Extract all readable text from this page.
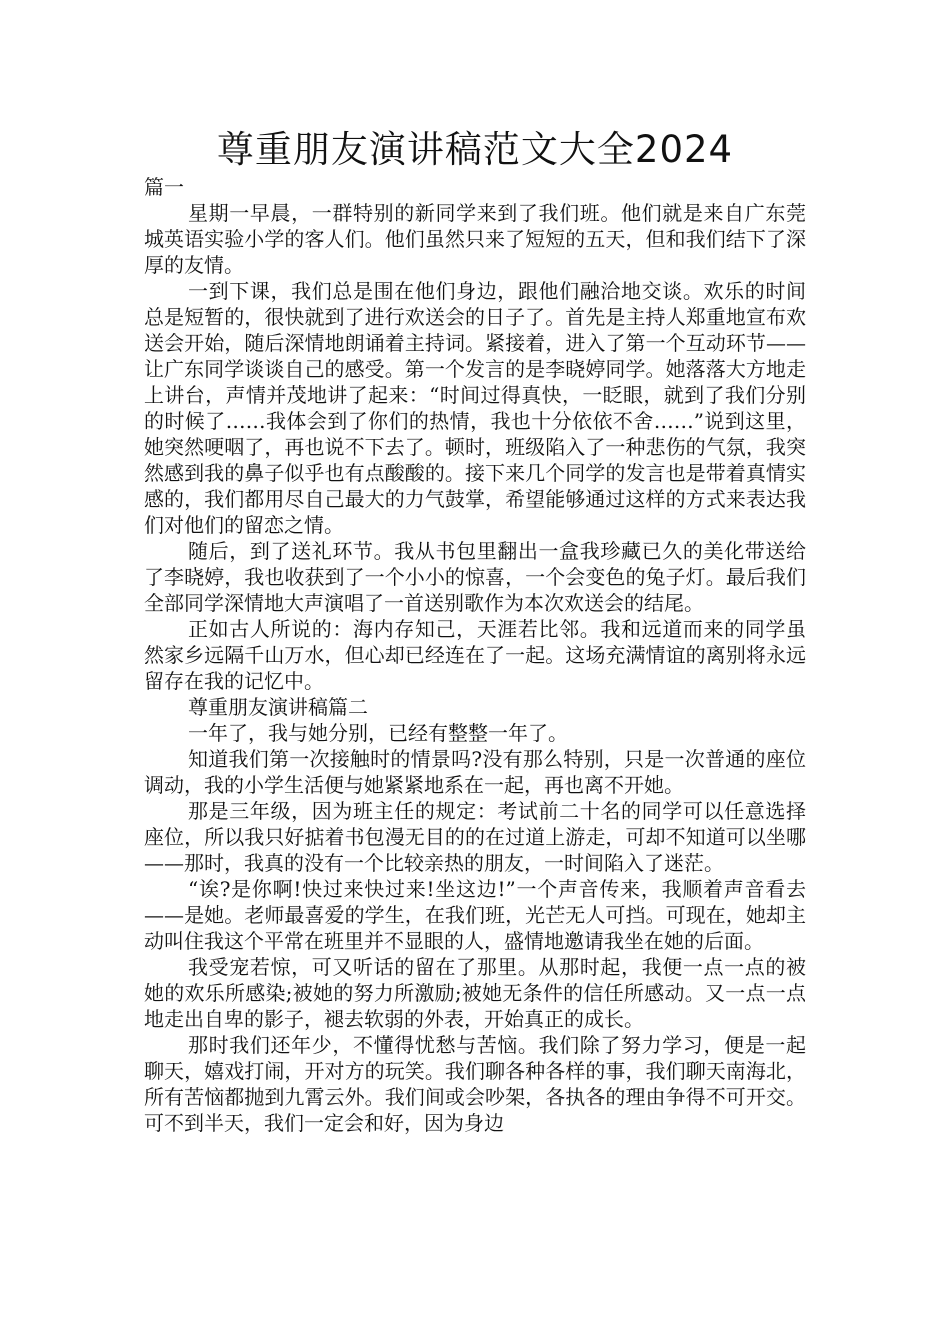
尊重朋友演讲稿范文大全2024

篇一

星期一早晨，一群特别的新同学来到了我们班。他们就是来自广东莞城英语实验小学的客人们。他们虽然只来了短短的五天，但和我们结下了深厚的友情。

一到下课，我们总是围在他们身边，跟他们融洽地交谈。欢乐的时间总是短暂的，很快就到了进行欢送会的日子了。首先是主持人郑重地宣布欢送会开始，随后深情地朗诵着主持词。紧接着，进入了第一个互动环节——让广东同学谈谈自己的感受。第一个发言的是李晓婷同学。她落落大方地走上讲台，声情并茂地讲了起来：“时间过得真快，一眨眼，就到了我们分别的时候了……我体会到了你们的热情，我也十分依依不舍……”说到这里，她突然哽咽了，再也说不下去了。顿时，班级陷入了一种悲伤的气氛，我突然感到我的鼻子似乎也有点酸酸的。接下来几个同学的发言也是带着真情实感的，我们都用尽自己最大的力气鼓掌，希望能够通过这样的方式来表达我们对他们的留恋之情。

随后，到了送礼环节。我从书包里翻出一盒我珍藏已久的美化带送给了李晓婷，我也收获到了一个小小的惊喜，一个会变色的兔子灯。最后我们全部同学深情地大声演唱了一首送别歌作为本次欢送会的结尾。

正如古人所说的：海内存知己，天涯若比邻。我和远道而来的同学虽然家乡远隔千山万水，但心却已经连在了一起。这场充满情谊的离别将永远留存在我的记忆中。

尊重朋友演讲稿篇二

一年了，我与她分别，已经有整整一年了。

知道我们第一次接触时的情景吗?没有那么特别，只是一次普通的座位调动，我的小学生活便与她紧紧地系在一起，再也离不开她。

那是三年级，因为班主任的规定：考试前二十名的同学可以任意选择座位，所以我只好掂着书包漫无目的的在过道上游走，可却不知道可以坐哪——那时，我真的没有一个比较亲热的朋友，一时间陷入了迷茫。

“诶?是你啊!快过来快过来!坐这边!”一个声音传来，我顺着声音看去——是她。老师最喜爱的学生，在我们班，光芒无人可挡。可现在，她却主动叫住我这个平常在班里并不显眼的人，盛情地邀请我坐在她的后面。

我受宠若惊，可又听话的留在了那里。从那时起，我便一点一点的被她的欢乐所感染;被她的努力所激励;被她无条件的信任所感动。又一点一点地走出自卑的影子，褪去软弱的外表，开始真正的成长。

那时我们还年少，不懂得忧愁与苦恼。我们除了努力学习，便是一起聊天，嬉戏打闹，开对方的玩笑。我们聊各种各样的事，我们聊天南海北，所有苦恼都抛到九霄云外。我们间或会吵架，各执各的理由争得不可开交。可不到半天，我们一定会和好，因为身边
